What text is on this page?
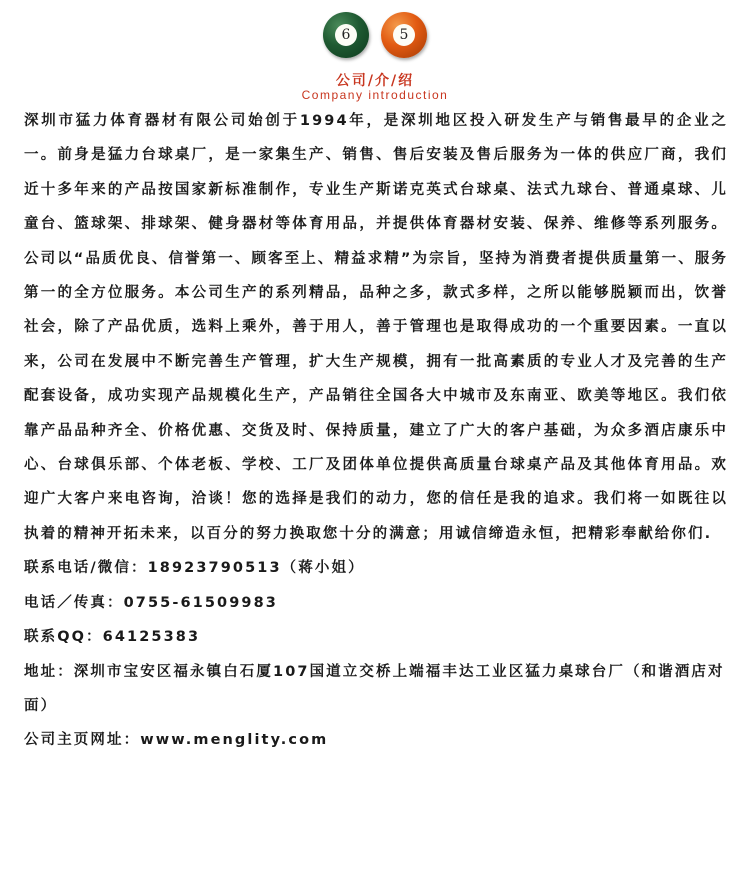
6	5
公司/介/绍
Company introduction

深圳市猛力体育器材有限公司始创于1994年，是深圳地区投入研发生产与销售最早的企业之一。前身是猛力台球桌厂，是一家集生产、销售、售后安装及售后服务为一体的供应厂商，我们近十多年来的产品按国家新标准制作，专业生产斯诺克英式台球桌、法式九球台、普通桌球、儿童台、篮球架、排球架、健身器材等体育用品，并提供体育器材安装、保养、维修等系列服务。 公司以“品质优良、信誉第一、顾客至上、精益求精”为宗旨，坚持为消费者提供质量第一、服务第一的全方位服务。本公司生产的系列精品，品种之多，款式多样，之所以能够脱颖而出，饮誉社会，除了产品优质，选料上乘外，善于用人，善于管理也是取得成功的一个重要因素。一直以来，公司在发展中不断完善生产管理，扩大生产规模，拥有一批高素质的专业人才及完善的生产配套设备，成功实现产品规模化生产，产品销往全国各大中城市及东南亚、欧美等地区。我们依靠产品品种齐全、价格优惠、交货及时、保持质量，建立了广大的客户基础，为众多酒店康乐中心、台球俱乐部、个体老板、学校、工厂及团体单位提供高质量台球桌产品及其他体育用品。欢迎广大客户来电咨询，洽谈！您的选择是我们的动力，您的信任是我的追求。我们将一如既往以执着的精神开拓未来，以百分的努力换取您十分的满意；用诚信缔造永恒，把精彩奉献给你们.

联系电话/微信：18923790513（蒋小姐）

电话／传真：0755-61509983

联系QQ：64125383

地址：深圳市宝安区福永镇白石厦107国道立交桥上端福丰达工业区猛力桌球台厂（和谐酒店对面）

公司主页网址：www.menglity.com
